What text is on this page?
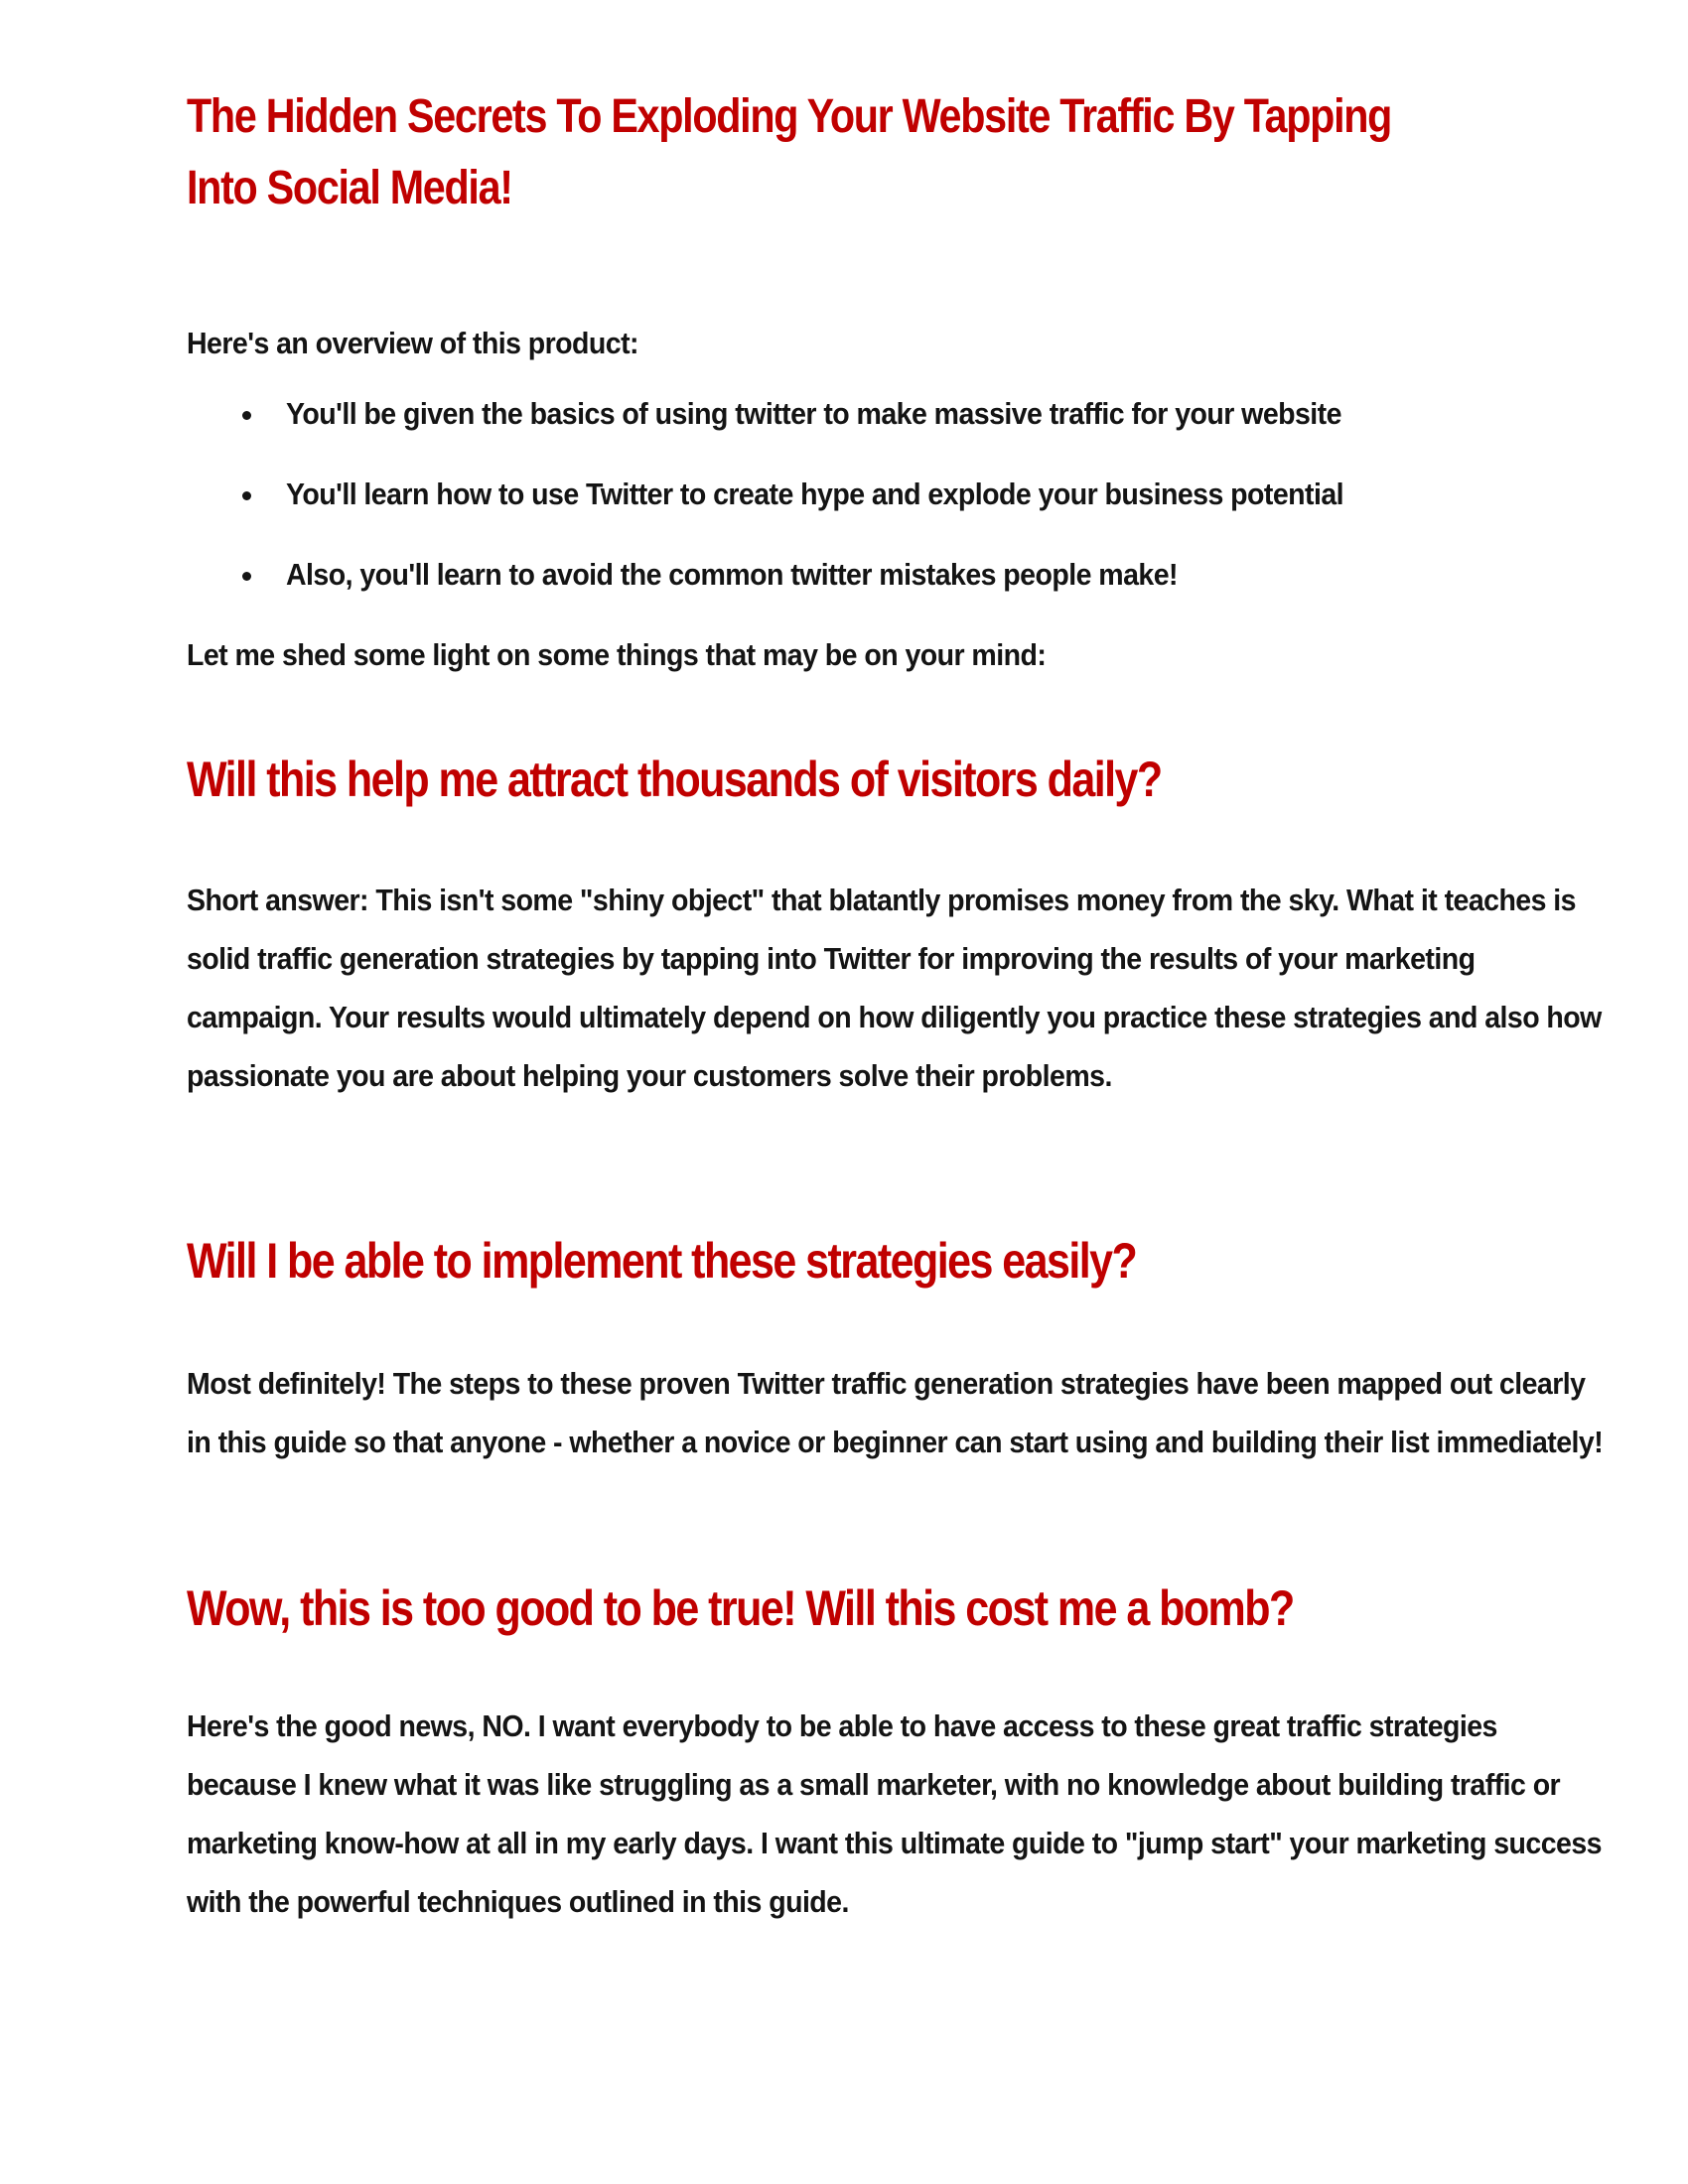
The Hidden Secrets To Exploding Your Website Traffic By Tapping Into Social Media!

Here's an overview of this product:

You'll be given the basics of using twitter to make massive traffic for your website
You'll learn how to use Twitter to create hype and explode your business potential
Also, you'll learn to avoid the common twitter mistakes people make!

Let me shed some light on some things that may be on your mind:

Will this help me attract thousands of visitors daily?

Short answer: This isn't some "shiny object" that blatantly promises money from the sky. What it teaches is solid traffic generation strategies by tapping into Twitter for improving the results of your marketing campaign. Your results would ultimately depend on how diligently you practice these strategies and also how passionate you are about helping your customers solve their problems.

Will I be able to implement these strategies easily?

Most definitely! The steps to these proven Twitter traffic generation strategies have been mapped out clearly in this guide so that anyone - whether a novice or beginner can start using and building their list immediately!

Wow, this is too good to be true! Will this cost me a bomb?

Here's the good news, NO. I want everybody to be able to have access to these great traffic strategies because I knew what it was like struggling as a small marketer, with no knowledge about building traffic or marketing know-how at all in my early days. I want this ultimate guide to "jump start" your marketing success with the powerful techniques outlined in this guide.
